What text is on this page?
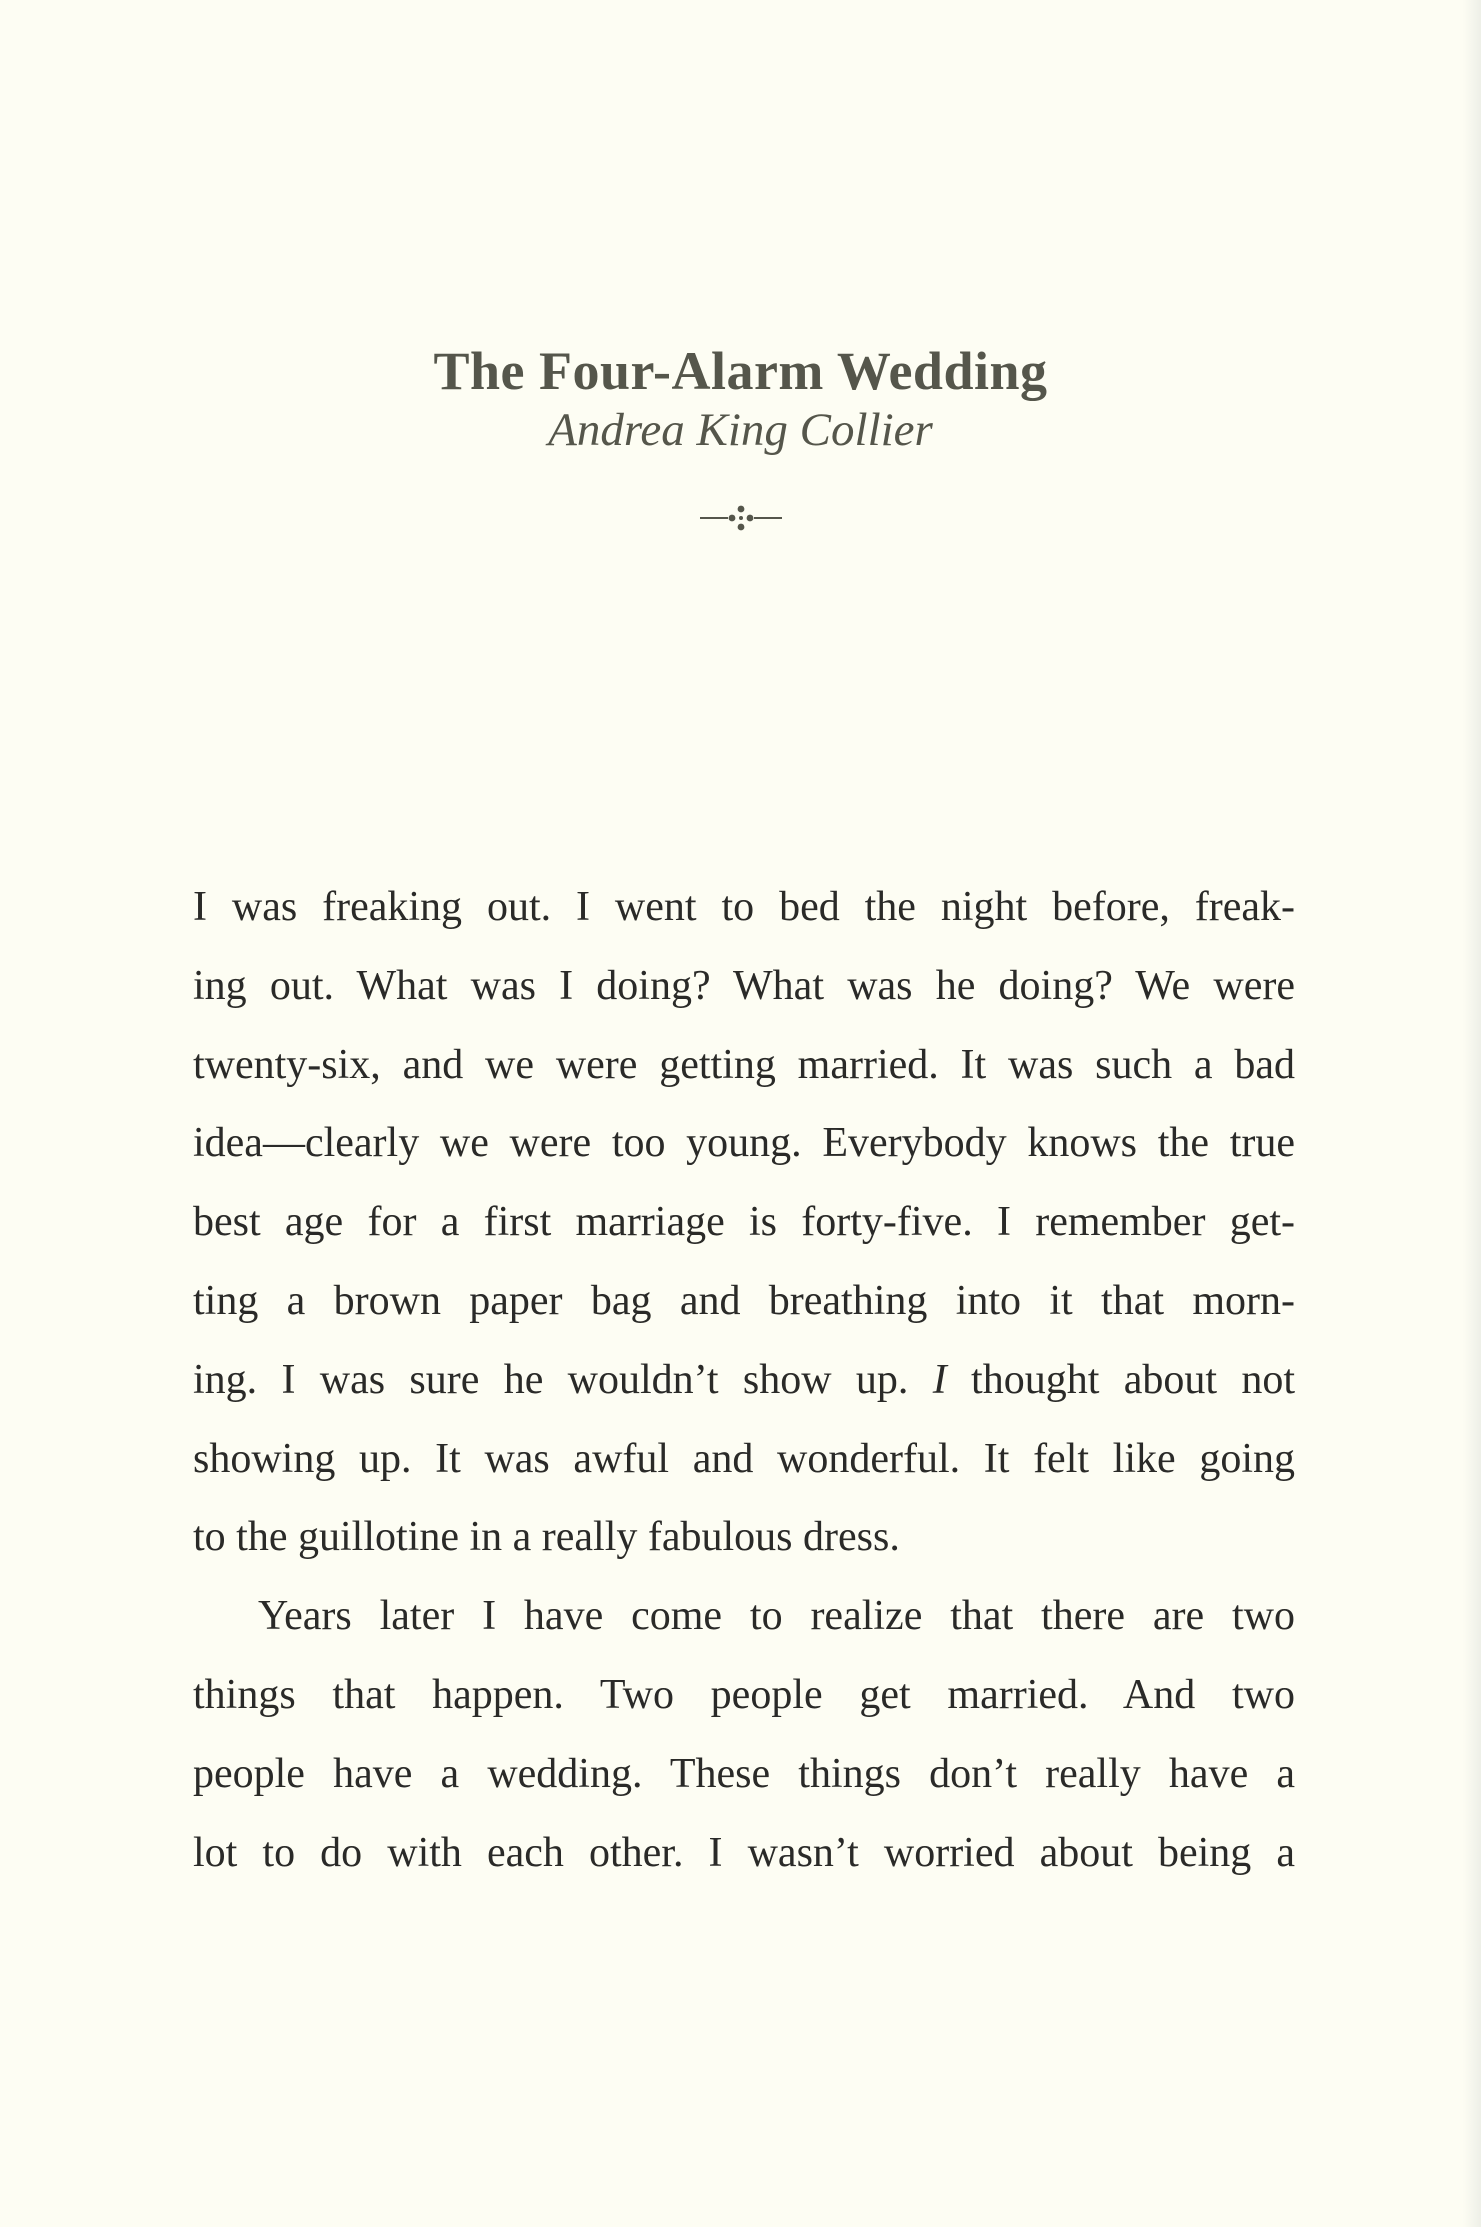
The Four-Alarm Wedding
Andrea King Collier
I was freaking out. I went to bed the night before, freak-
ing out. What was I doing? What was he doing? We were
twenty-six, and we were getting married. It was such a bad
idea—clearly we were too young. Everybody knows the true
best age for a first marriage is forty-five. I remember get-
ting a brown paper bag and breathing into it that morn-
ing. I was sure he wouldn’t show up. I thought about not
showing up. It was awful and wonderful. It felt like going
to the guillotine in a really fabulous dress.
Years later I have come to realize that there are two
things that happen. Two people get married. And two
people have a wedding. These things don’t really have a
lot to do with each other. I wasn’t worried about being a
